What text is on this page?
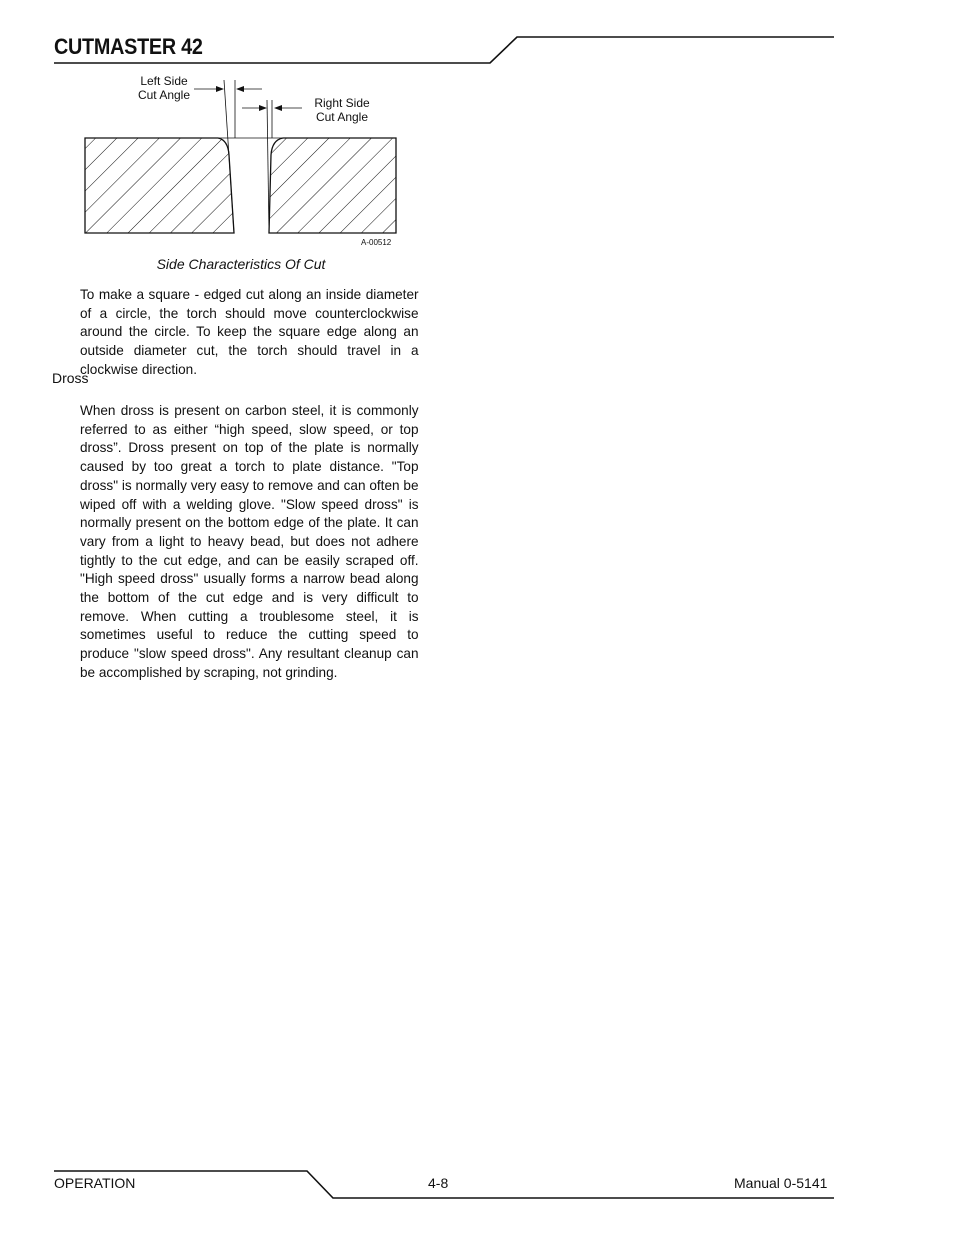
CUTMASTER 42
Left Side
Cut Angle
Right Side
Cut Angle
A-00512
Side Characteristics Of Cut

To make a square - edged cut along an inside diameter of a circle, the torch should move counterclockwise around the circle. To keep the square edge along an outside diameter cut, the torch should travel in a clockwise direction.

Dross

When dross is present on carbon steel, it is commonly referred to as either “high speed, slow speed, or top dross”. Dross present on top of the plate is normally caused by too great a torch to plate distance. "Top dross" is normally very easy to remove and can often be wiped off with a welding glove. "Slow speed dross" is normally present on the bottom edge of the plate. It can vary from a light to heavy bead, but does not adhere tightly to the cut edge, and can be easily scraped off. "High speed dross" usually forms a narrow bead along the bottom of the cut edge and is very difficult to remove. When cutting a troublesome steel, it is sometimes useful to reduce the cutting speed to produce "slow speed dross". Any resultant cleanup can be accomplished by scraping, not grinding.

OPERATION	4-8	Manual 0-5141
